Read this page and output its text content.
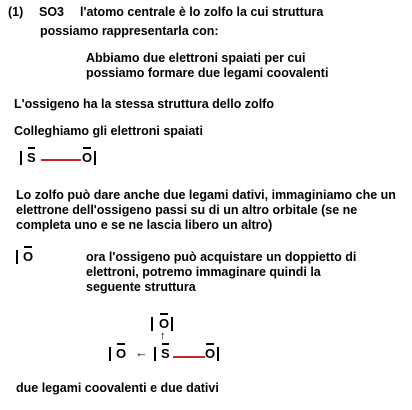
(1) SO3 l'atomo centrale è lo zolfo la cui struttura
possiamo rappresentarla con:
Abbiamo due elettroni spaiati per cui possiamo formare due legami coovalenti
L'ossigeno ha la stessa struttura dello zolfo
Colleghiamo gli elettroni spaiati
S	O
Lo zolfo può dare anche due legami dativi, immaginiamo che un elettrone dell'ossigeno passi su di un altro orbitale (se ne completa uno e se ne lascia libero un altro)
O	ora l'ossigeno può acquistare un doppietto di elettroni, potremo immaginare quindi la seguente struttura
O
↑
O ← S	O
due legami coovalenti e due dativi
